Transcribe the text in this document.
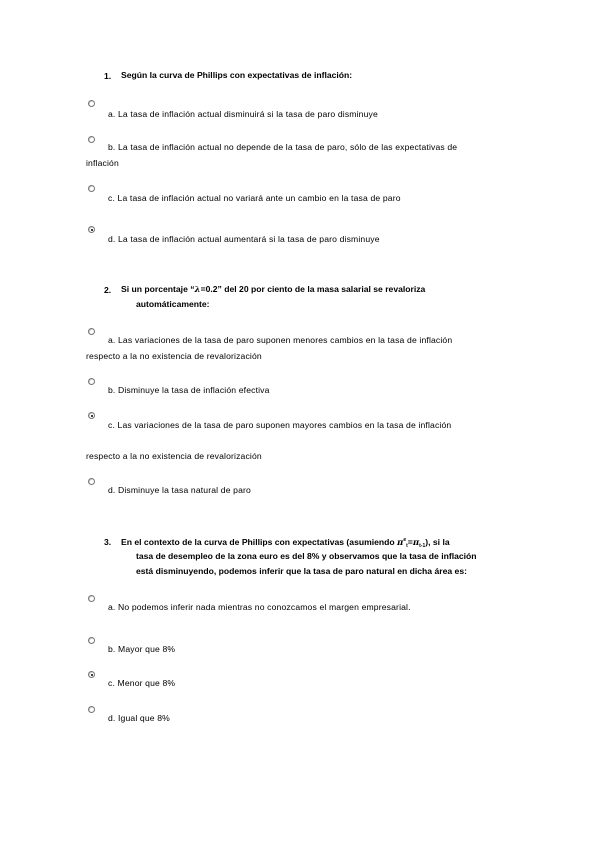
1. Según la curva de Phillips con expectativas de inflación:
a. La tasa de inflación actual disminuirá si la tasa de paro disminuye
b. La tasa de inflación actual no depende de la tasa de paro, sólo de las expectativas de
inflación
c. La tasa de inflación actual no variará ante un cambio en la tasa de paro
d. La tasa de inflación actual aumentará si la tasa de paro disminuye
2. Si un porcentaje “λ=0.2” del 20 por ciento de la masa salarial se revaloriza
automáticamente:
a. Las variaciones de la tasa de paro suponen menores cambios en la tasa de inflación
respecto a la no existencia de revalorización
b. Disminuye la tasa de inflación efectiva
c. Las variaciones de la tasa de paro suponen mayores cambios en la tasa de inflación
respecto a la no existencia de revalorización
d. Disminuye la tasa natural de paro
3. En el contexto de la curva de Phillips con expectativas (asumiendo $\pi^e_t=\pi_{t-1}$), si la
tasa de desempleo de la zona euro es del 8% y observamos que la tasa de inflación
está disminuyendo, podemos inferir que la tasa de paro natural en dicha área es:
a. No podemos inferir nada mientras no conozcamos el margen empresarial.
b. Mayor que 8%
c. Menor que 8%
d. Igual que 8%
